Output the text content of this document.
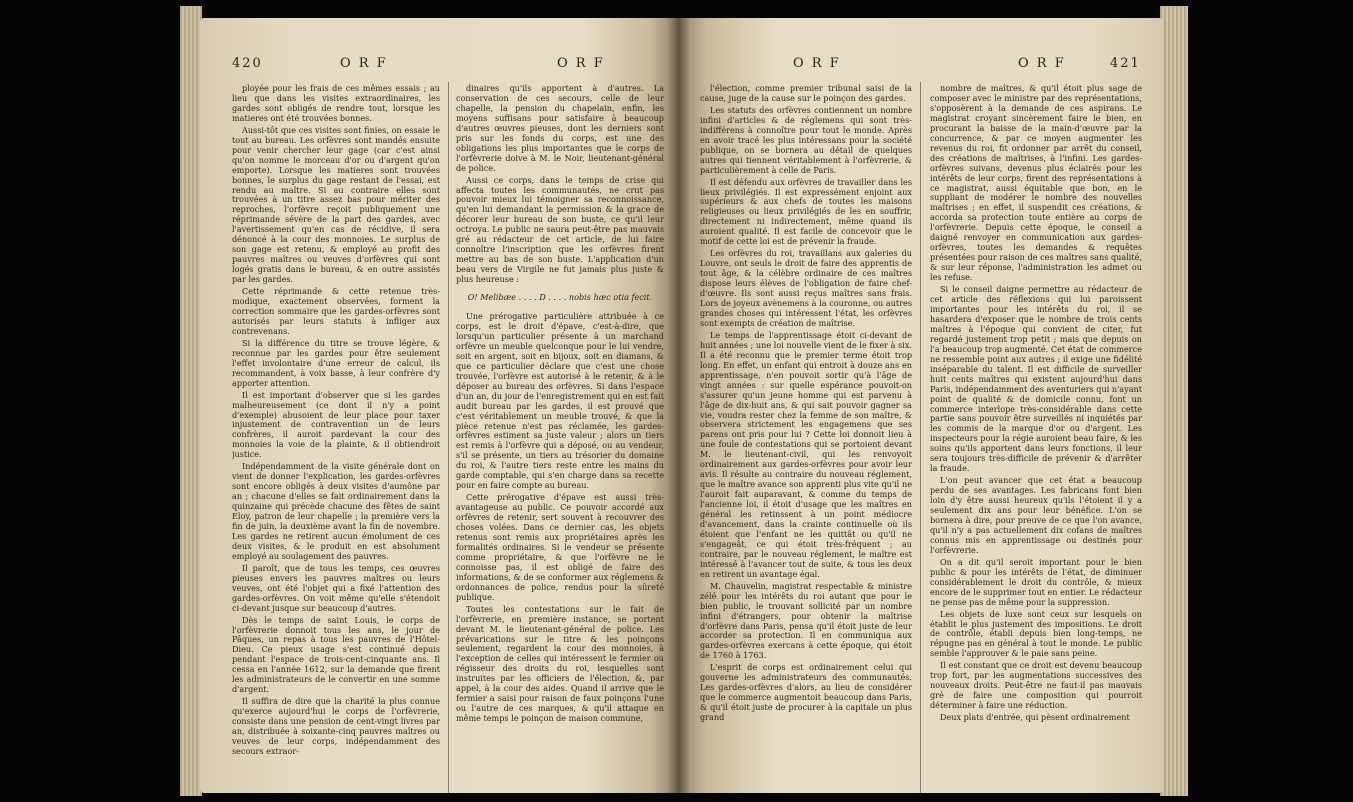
420	O R F	O R F

ployée pour les frais de ces mêmes essais ; au lieu que dans les visites extraordinaires, les gardes sont obligés de rendre tout, lorsque les matieres ont été trouvées bonnes.

Aussi-tôt que ces visites sont finies, on essaie le tout au bureau. Les orfèvres sont mandés ensuite pour venir chercher leur gage (car c'est ainsi qu'on nomme le morceau d'or ou d'argent qu'on emporte). Lorsque les matieres sont trouvées bonnes, le surplus du gage restant de l'essai, est rendu au maître. Si au contraire elles sont trouvées à un titre assez bas pour mériter des reproches, l'orfèvre reçoit publiquement une réprimande sévère de la part des gardes, avec l'avertissement qu'en cas de récidive, il sera dénoncé à la cour des monnoies. Le surplus de son gage est retenu, & employé au profit des pauvres maîtres ou veuves d'orfèvres qui sont logés gratis dans le bureau, & en outre assistés par les gardes.

Cette réprimande & cette retenue très-modique, exactement observées, forment la correction sommaire que les gardes-orfèvres sont autorisés par leurs statuts à infliger aux contrevenans.

Si la différence du titre se trouve légère, & reconnue par les gardes pour être seulement l'effet involontaire d'une erreur de calcul, ils recommandent, à voix basse, à leur confrère d'y apporter attention.

Il est important d'observer que si les gardes malheureusement (ce dont il n'y a point d'exemple) abusoient de leur place pour taxer injustement de contravention un de leurs confrères, il auroit pardevant la cour des monnoies la voie de la plainte, & il obtiendroit justice.

Indépendamment de la visite générale dont on vient de donner l'explication, les gardes-orfèvres sont encore obligés à deux visites d'aumône par an ; chacune d'elles se fait ordinairement dans la quinzaine qui précède chacune des fêtes de saint Eloy, patron de leur chapelle ; la première vers la fin de juin, la deuxième avant la fin de novembre. Les gardes ne retirent aucun émolument de ces deux visites, & le produit en est absolument employé au soulagement des pauvres.

Il paroît, que de tous les temps, ces œuvres pieuses envers les pauvres maîtres ou leurs veuves, ont été l'objet qui a fixé l'attention des gardes-orfèvres. On voit même qu'elle s'étendoit ci-devant jusque sur beaucoup d'autres.

Dès le temps de saint Louis, le corps de l'orfèvrerie donnoit tous les ans, le jour de Pâques, un repas à tous les pauvres de l'Hôtel-Dieu. Ce pieux usage s'est continué depuis pendant l'espace de trois-cent-cinquante ans. Il cessa en l'année 1612, sur la demande que firent les administrateurs de le convertir en une somme d'argent.

Il suffira de dire que la charité la plus connue qu'exerce aujourd'hui le corps de l'orfèvrerie, consiste dans une pension de cent-vingt livres par an, distribuée à soixante-cinq pauvres maîtres ou veuves de leur corps, indépendamment des secours extraor-

dinaires qu'ils apportent à d'autres. La conservation de ces secours, celle de leur chapelle, la pension du chapelain, enfin, les moyens suffisans pour satisfaire à beaucoup d'autres œuvres pieuses, dont les derniers sont pris sur les fonds du corps, est une des obligations les plus importantes que le corps de l'orfèvrerie doive à M. le Noir, lieutenant-général de police.

Aussi ce corps, dans le temps de crise qui affecta toutes les communautés, ne crut pas pouvoir mieux lui témoigner sa reconnoissance, qu'en lui demandant la permission & la grace de décorer leur bureau de son buste, ce qu'il leur octroya. Le public ne saura peut-être pas mauvais gré au rédacteur de cet article, de lui faire connoître l'inscription que les orfèvres firent mettre au bas de son buste. L'application d'un beau vers de Virgile ne fut jamais plus juste & plus heureuse :

O! Melibæe . . . . D . . . . nobis hæc otia fecit.

Une prérogative particulière attribuée à ce corps, est le droit d'épave, c'est-à-dire, que lorsqu'un particulier présente à un marchand orfèvre un meuble quelconque pour le lui vendre, soit en argent, soit en bijoux, soit en diamans, & que ce particulier déclare que c'est une chose trouvée, l'orfèvre est autorisé à le retenir, & à le déposer au bureau des orfèvres. Si dans l'espace d'un an, du jour de l'enregistrement qui en est fait audit bureau par les gardes, il est prouvé que c'est véritablement un meuble trouvé, & que la pièce retenue n'est pas réclamée, les gardes-orfèvres estiment sa juste valeur ; alors un tiers est remis à l'orfèvre qui a déposé, ou au vendeur, s'il se présente, un tiers au trésorier du domaine du roi, & l'autre tiers reste entre les mains du garde comptable, qui s'en charge dans sa recette pour en faire compte au bureau.

Cette prérogative d'épave est aussi très-avantageuse au public. Ce pouvoir accordé aux orfèvres de retenir, sert souvent à recouvrer des choses volées. Dans ce dernier cas, les objets retenus sont remis aux propriétaires après les formalités ordinaires. Si le vendeur se présente comme propriétaire, & que l'orfèvre ne le connoisse pas, il est obligé de faire des informations, & de se conformer aux réglemens & ordonnances de police, rendus pour la sûreté publique.

Toutes les contestations sur le fait de l'orfèvrerie, en première instance, se portent devant M. le lieutenant-général de police. Les prévarications sur le titre & les poinçons seulement, regardent la cour des monnoies, à l'exception de celles qui intéressent le fermier ou régisseur des droits du roi, lesquelles sont instruites par les officiers de l'élection, &, par appel, à la cour des aides. Quand il arrive que le fermier a saisi pour raison de faux poinçons l'une ou l'autre de ces marques, & qu'il attaque en même temps le poinçon de maison commune,

O R F	O R F	421

l'élection, comme premier tribunal saisi de la cause, juge de la cause sur le poinçon des gardes.

Les statuts des orfèvres contiennent un nombre infini d'articles & de réglemens qui sont très-indifférens à connoître pour tout le monde. Après en avoir tracé les plus intéressans pour la société publique, on se bornera au détail de quelques autres qui tiennent véritablement à l'orfèvrerie, & particulièrement à celle de Paris.

Il est défendu aux orfèvres de travailler dans les lieux privilégiés. Il est expressément enjoint aux supérieurs & aux chefs de toutes les maisons religieuses ou lieux privilégiés de les en souffrir, directement ni indirectement, même quand ils auroient qualité. Il est facile de concevoir que le motif de cette loi est de prévenir la fraude.

Les orfèvres du roi, travaillans aux galeries du Louvre, ont seuls le droit de faire des apprentis de tout âge, & la célèbre ordinaire de ces maîtres dispose leurs élèves de l'obligation de faire chef-d'œuvre. Ils sont aussi reçus maîtres sans frais. Lors de joyeux avènemens à la couronne, ou autres grandes choses qui intéressent l'état, les orfèvres sont exempts de création de maîtrise.

Le temps de l'apprentissage étoit ci-devant de huit années ; une loi nouvelle vient de le fixer à six. Il a été reconnu que le premier terme étoit trop long. En effet, un enfant qui entroit à douze ans en apprentissage, n'en pouvoit sortir qu'à l'âge de vingt années : sur quelle espérance pouvoit-on s'assurer qu'un jeune homme qui est parvenu à l'âge de dix-huit ans, & qui sait pouvoir gagner sa vie, voudra rester chez la femme de son maître, & observera strictement les engagemens que ses parens ont pris pour lui ? Cette loi donnoit lieu à une foule de contestations qui se portoient devant M. le lieutenant-civil, qui les renvoyoit ordinairement aux gardes-orfèvres pour avoir leur avis. Il résulte au contraire du nouveau réglement, que le maître avance son apprenti plus vite qu'il ne l'auroit fait auparavant, & comme du temps de l'ancienne loi, il étoit d'usage que les maîtres en général les retinssent à un point médiocre d'avancement, dans la crainte continuelle où ils étoient que l'enfant ne les quittât ou qu'il ne s'engageât, ce qui étoit très-fréquent ; au contraire, par le nouveau réglement, le maître est intéressé à l'avancer tout de suite, & tous les deux en retirent un avantage égal.

M. Chauvelin, magistrat respectable & ministre zélé pour les intérêts du roi autant que pour le bien public, le trouvant sollicité par un nombre infini d'étrangers, pour obtenir la maîtrise d'orfèvre dans Paris, pensa qu'il étoit juste de leur accorder sa protection. Il en communiqua aux gardes-orfèvres exercans à cette époque, qui étoit de 1760 à 1763.

L'esprit de corps est ordinairement celui qui gouverne les administrateurs des communautés. Les gardes-orfèvres d'alors, au lieu de considérer que le commerce augmentoit beaucoup dans Paris, & qu'il étoit juste de procurer à la capitale un plus grand

nombre de maîtres, & qu'il étoit plus sage de composer avec le ministre par des représentations, s'opposèrent à la demande de ces aspirans. Le magistrat croyant sincèrement faire le bien, en procurant la baisse de la main-d'œuvre par la concurrence, & par ce moyen augmenter les revenus du roi, fit ordonner par arrêt du conseil, des créations de maîtrises, à l'infini. Les gardes-orfèvres suivans, devenus plus éclairés pour les intérêts de leur corps, firent des représentations à ce magistrat, aussi équitable que bon, en le suppliant de modérer le nombre des nouvelles maîtrises ; en effet, il suspendit ces créations, & accorda sa protection toute entière au corps de l'orfèvrerie. Depuis cette époque, le conseil a daigné renvoyer en communication aux gardes-orfèvres, toutes les demandes & requêtes présentées pour raison de ces maîtres sans qualité, & sur leur réponse, l'administration les admet ou les refuse.

Si le conseil daigne permettre au rédacteur de cet article des réflexions qui lui paroissent importantes pour les intérêts du roi, il se hasardera d'exposer que le nombre de trois cents maîtres à l'époque qui convient de citer, fut regardé justement trop petit ; mais que depuis on l'a beaucoup trop augmenté. Cet état de commerce ne ressemble point aux autres ; il exige une fidélité inséparable du talent. Il est difficile de surveiller huit cents maîtres qui existent aujourd'hui dans Paris, indépendamment des aventuriers qui n'ayant point de qualité & de domicile connu, font un commerce interlope très-considérable dans cette partie sans pouvoir être surveillés ni inquiétés par les commis de la marque d'or ou d'argent. Les inspecteurs pour la régie auroient beau faire, & les soins qu'ils apportent dans leurs fonctions, il leur sera toujours très-difficile de prévenir & d'arrêter la fraude.

L'on peut avancer que cet état a beaucoup perdu de ses avantages. Les fabricans font bien loin d'y être aussi heureux qu'ils l'étoient il y a seulement dix ans pour leur bénéfice. L'on se bornera à dire, pour preuve de ce que l'on avance, qu'il n'y a pas actuellement dix cofans de maîtres connus mis en apprentissage ou destinés pour l'orfèvrerie.

On a dit qu'il seroit important pour le bien public & pour les intérêts de l'état, de diminuer considérablement le droit du contrôle, & mieux encore de le supprimer tout en entier. Le rédacteur ne pense pas de même pour la suppression.

Les objets de luxe sont ceux sur lesquels on établit le plus justement des impositions. Le droit de contrôle, établi depuis bien long-temps, ne répugne pas en général à tout le monde. Le public semble l'approuver & le paie sans peine.

Il est constant que ce droit est devenu beaucoup trop fort, par les augmentations successives des nouveaux droits. Peut-être ne faut-il pas mauvais gré de faire une composition qui pourroit déterminer à faire une réduction.

Deux plats d'entrée, qui pèsent ordinairement
